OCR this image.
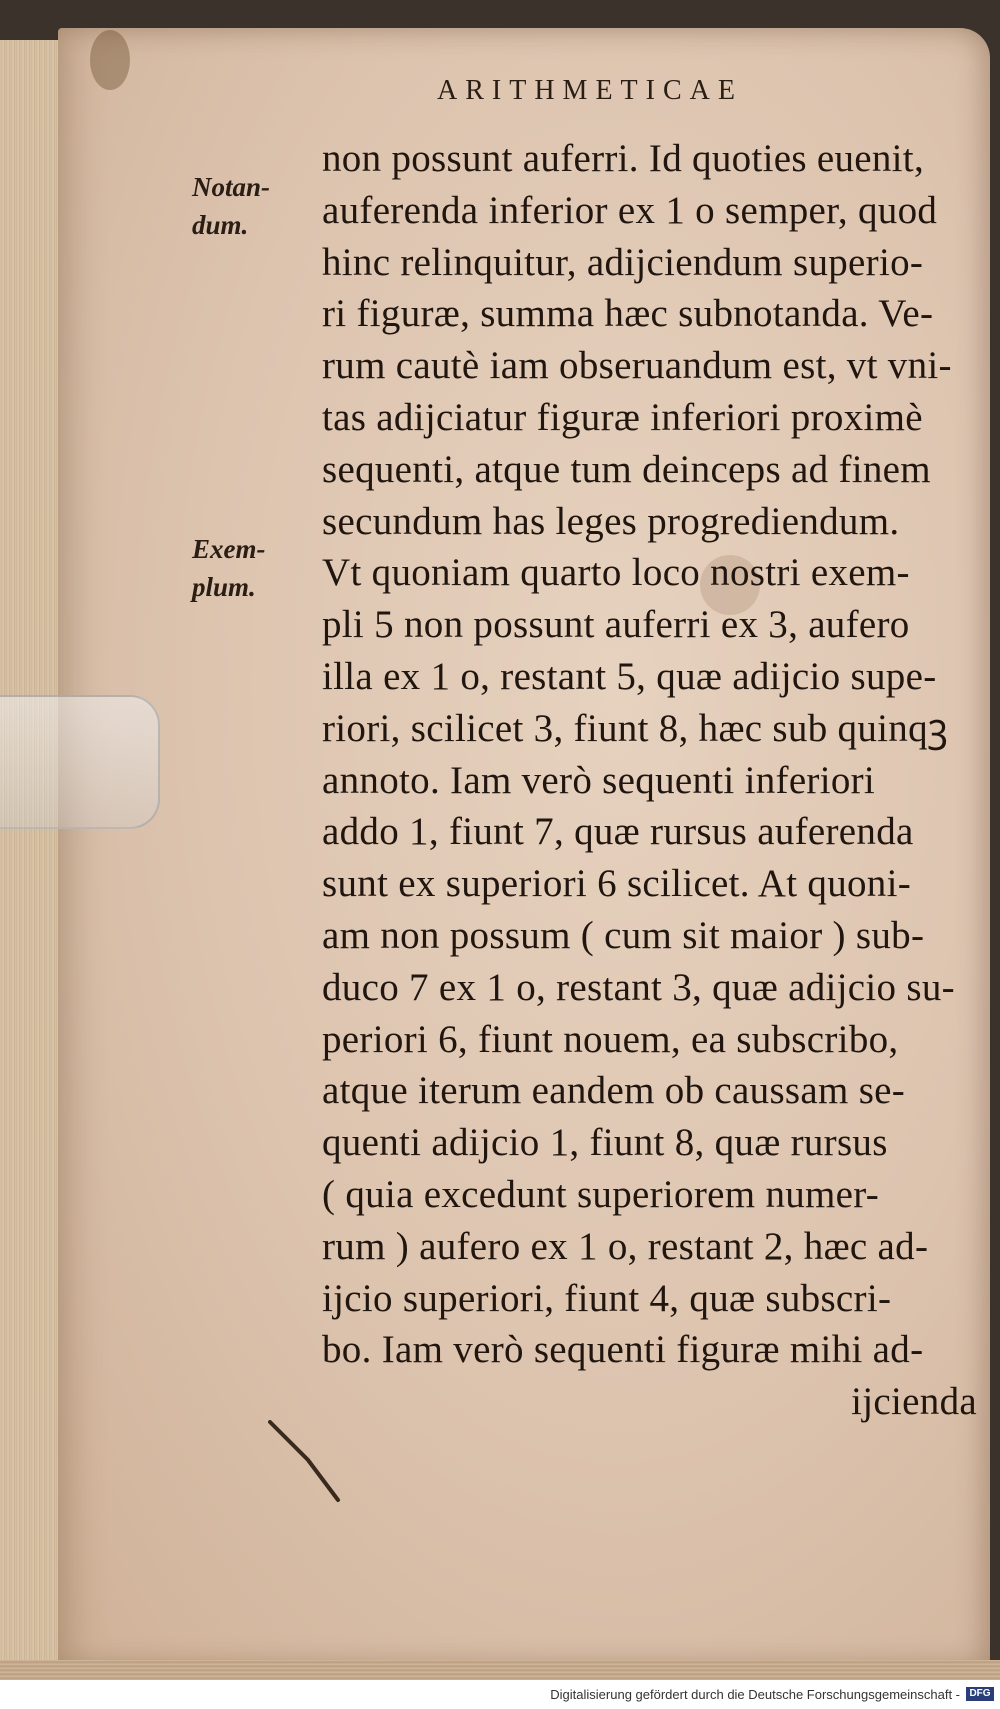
ARITHMETICAE
Notan-
dum.
Exem-
plum.
non possunt auferri. Id quoties euenit,
auferenda inferior ex 1 o semper, quod
hinc relinquitur, adijciendum superio-
ri figuræ, summa hæc subnotanda. Ve-
rum cautè iam obseruandum est, vt vni-
tas adijciatur figuræ inferiori proximè
sequenti, atque tum deinceps ad finem
secundum has leges progrediendum.
Vt quoniam quarto loco nostri exem-
pli 5 non possunt auferri ex 3, aufero
illa ex 1 o, restant 5, quæ adijcio supe-
riori, scilicet 3, fiunt 8, hæc sub quinqꝫ
annoto. Iam verò sequenti inferiori
addo 1, fiunt 7, quæ rursus auferenda
sunt ex superiori 6 scilicet. At quoni-
am non possum ( cum sit maior ) sub-
duco 7 ex 1 o, restant 3, quæ adijcio su-
periori 6, fiunt nouem, ea subscribo,
atque iterum eandem ob caussam se-
quenti adijcio 1, fiunt 8, quæ rursus
( quia excedunt superiorem numer-
rum ) aufero ex 1 o, restant 2, hæc ad-
ijcio superiori, fiunt 4, quæ subscri-
bo. Iam verò sequenti figuræ mihi ad-
ijcienda
Digitalisierung gefördert durch die Deutsche Forschungsgemeinschaft - DFG
